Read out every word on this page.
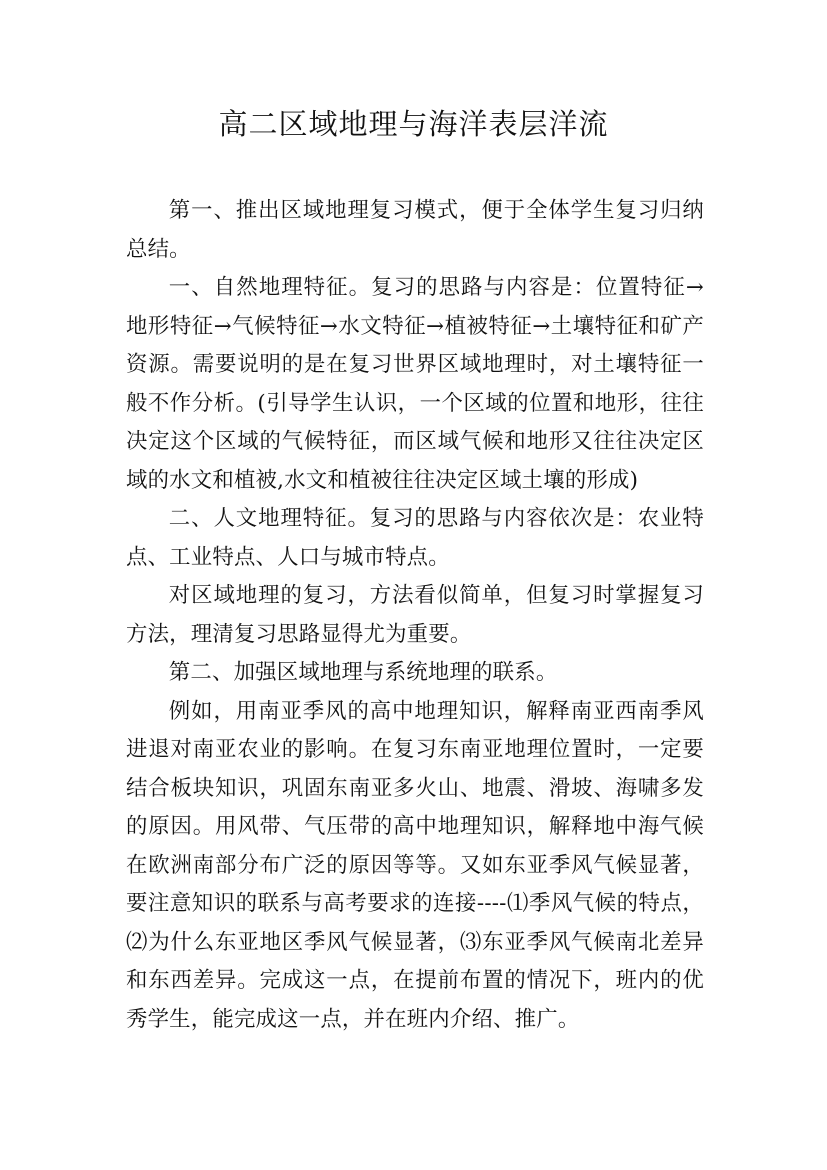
高二区域地理与海洋表层洋流

第一、推出区域地理复习模式，便于全体学生复习归纳总结。

一、自然地理特征。复习的思路与内容是：位置特征→地形特征→气候特征→水文特征→植被特征→土壤特征和矿产资源。需要说明的是在复习世界区域地理时，对土壤特征一般不作分析。(引导学生认识，一个区域的位置和地形，往往决定这个区域的气候特征，而区域气候和地形又往往决定区域的水文和植被,水文和植被往往决定区域土壤的形成)

二、人文地理特征。复习的思路与内容依次是：农业特点、工业特点、人口与城市特点。

对区域地理的复习，方法看似简单，但复习时掌握复习方法，理清复习思路显得尤为重要。

第二、加强区域地理与系统地理的联系。

例如，用南亚季风的高中地理知识，解释南亚西南季风进退对南亚农业的影响。在复习东南亚地理位置时，一定要结合板块知识，巩固东南亚多火山、地震、滑坡、海啸多发的原因。用风带、气压带的高中地理知识，解释地中海气候在欧洲南部分布广泛的原因等等。又如东亚季风气候显著，要注意知识的联系与高考要求的连接----⑴季风气候的特点，⑵为什么东亚地区季风气候显著，⑶东亚季风气候南北差异和东西差异。完成这一点，在提前布置的情况下，班内的优秀学生，能完成这一点，并在班内介绍、推广。
